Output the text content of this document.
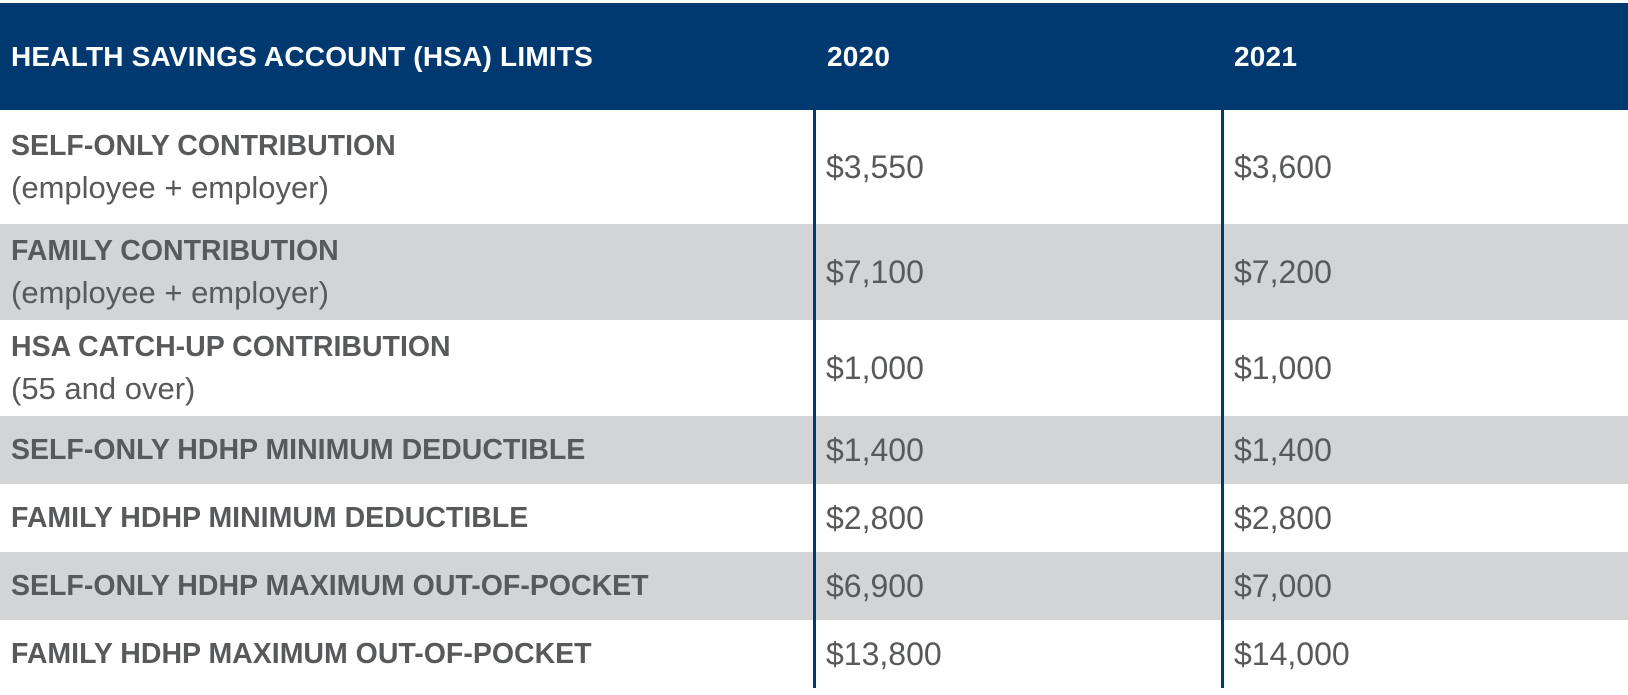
HEALTH SAVINGS ACCOUNT (HSA) LIMITS	2020	2021
SELF-ONLY CONTRIBUTION
(employee + employer)
$3,550	$3,600
FAMILY CONTRIBUTION
(employee + employer)
$7,100	$7,200
HSA CATCH-UP CONTRIBUTION
(55 and over)
$1,000	$1,000
SELF-ONLY HDHP MINIMUM DEDUCTIBLE	$1,400	$1,400
FAMILY HDHP MINIMUM DEDUCTIBLE	$2,800	$2,800
SELF-ONLY HDHP MAXIMUM OUT-OF-POCKET	$6,900	$7,000
FAMILY HDHP MAXIMUM OUT-OF-POCKET	$13,800	$14,000
